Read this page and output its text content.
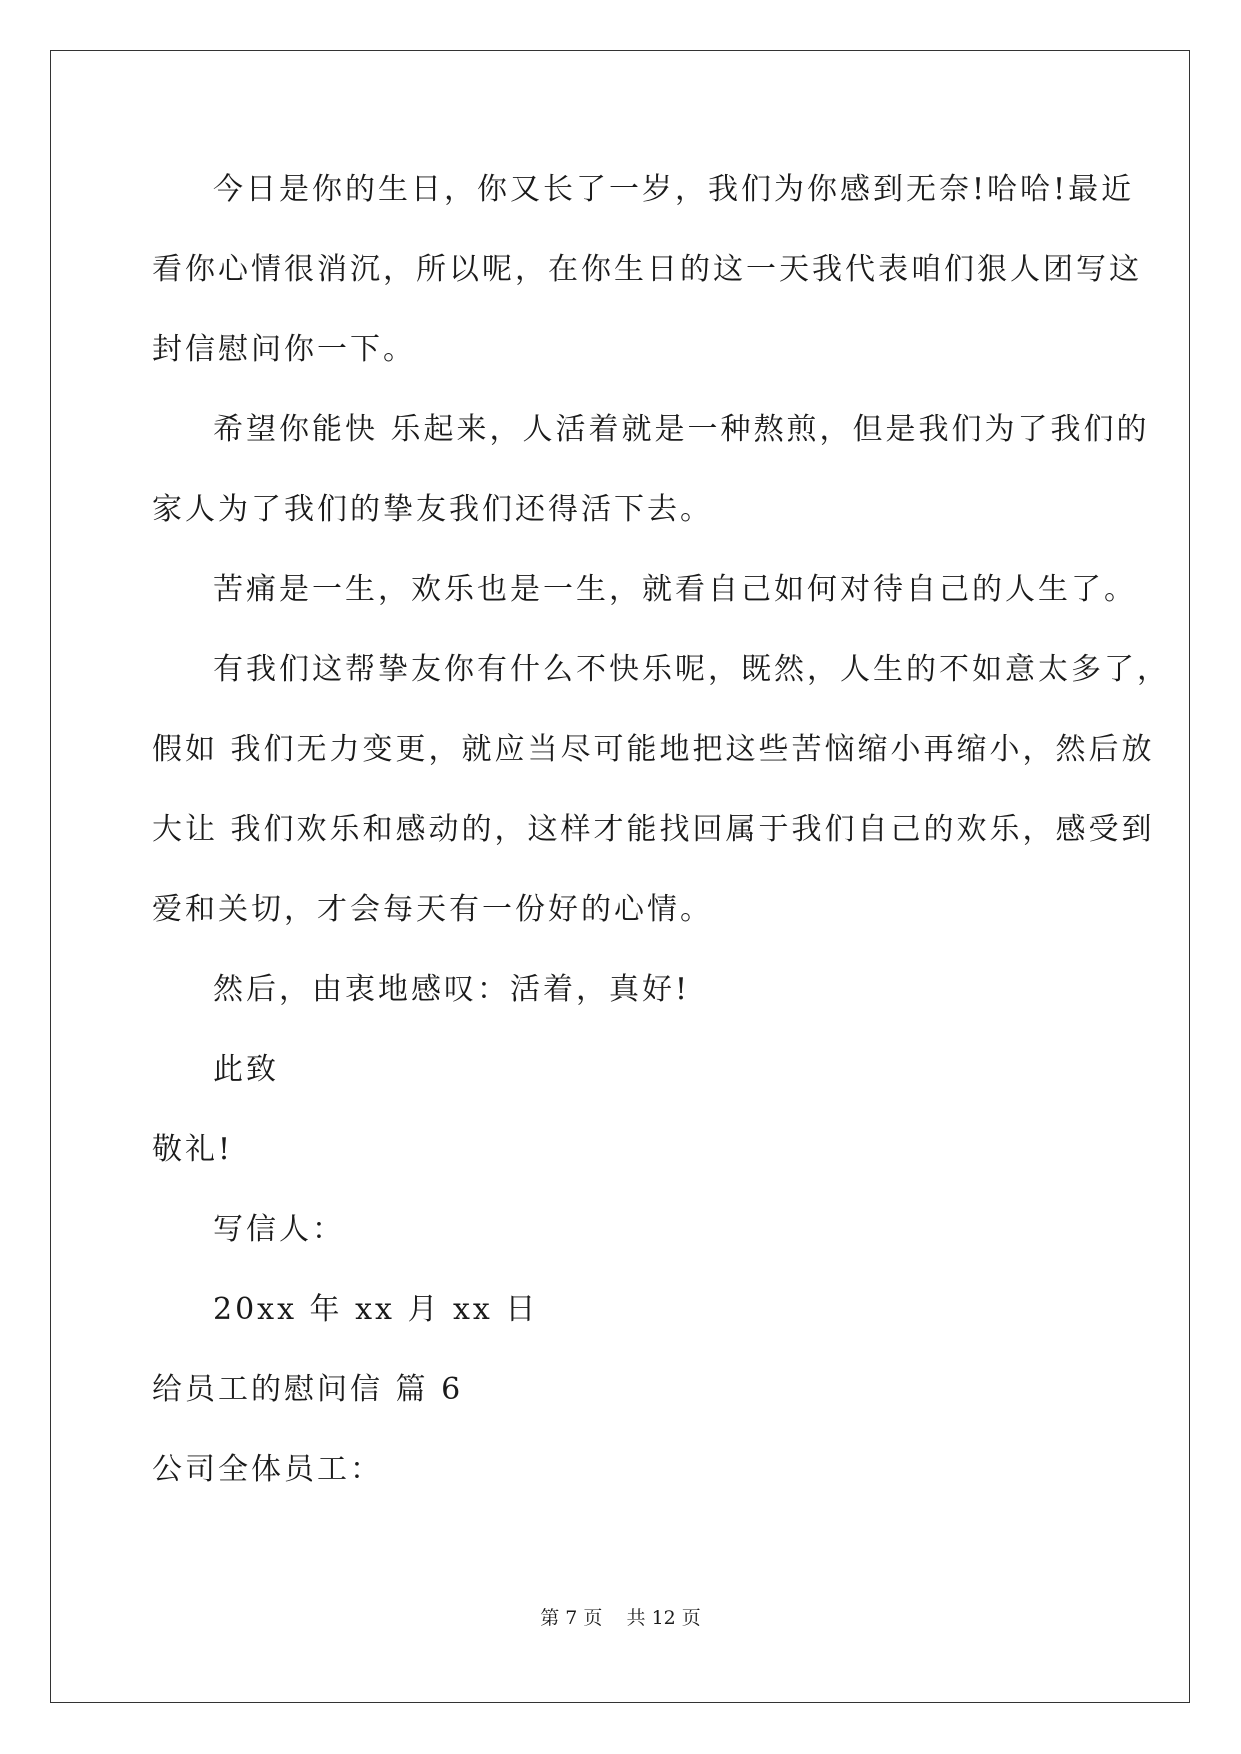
今日是你的生日，你又长了一岁，我们为你感到无奈!哈哈!最近
看你心情很消沉，所以呢，在你生日的这一天我代表咱们狠人团写这
封信慰问你一下。
希望你能快 乐起来，人活着就是一种熬煎，但是我们为了我们的
家人为了我们的挚友我们还得活下去。
苦痛是一生，欢乐也是一生，就看自己如何对待自己的人生了。
有我们这帮挚友你有什么不快乐呢，既然，人生的不如意太多了，
假如 我们无力变更，就应当尽可能地把这些苦恼缩小再缩小，然后放
大让 我们欢乐和感动的，这样才能找回属于我们自己的欢乐，感受到
爱和关切，才会每天有一份好的心情。
然后，由衷地感叹：活着，真好!
此致
敬礼!
写信人：
20xx 年 xx 月 xx 日
给员工的慰问信 篇 6
公司全体员工：
第 7 页    共 12 页
